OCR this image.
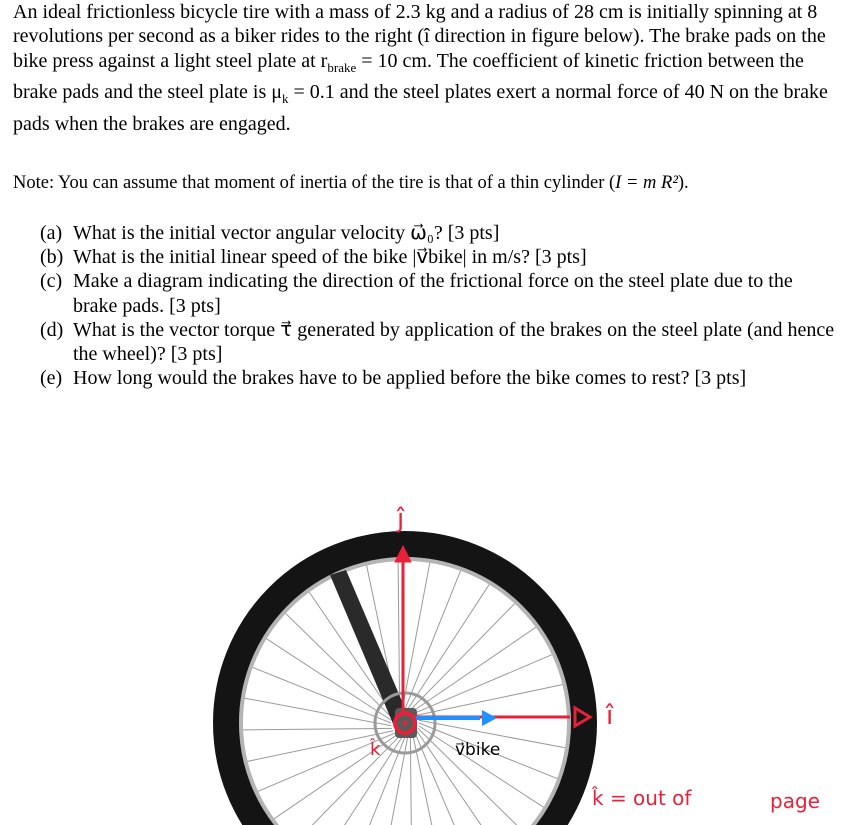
An ideal frictionless bicycle tire with a mass of 2.3 kg and a radius of 28 cm is initially spinning at 8 revolutions per second as a biker rides to the right (î direction in figure below). The brake pads on the bike press against a light steel plate at $r_{brake} = 10$ cm. The coefficient of kinetic friction between the brake pads and the steel plate is $\mu_k = 0.1$ and the steel plates exert a normal force of 40 N on the brake pads when the brakes are engaged.

Note: You can assume that moment of inertia of the tire is that of a thin cylinder (I = m R²).

(a) What is the initial vector angular velocity ω⃗₀? [3 pts]
(b) What is the initial linear speed of the bike |v⃗bike| in m/s? [3 pts]
(c) Make a diagram indicating the direction of the frictional force on the steel plate due to the brake pads. [3 pts]
(d) What is the vector torque τ⃗ generated by application of the brakes on the steel plate (and hence the wheel)? [3 pts]
(e) How long would the brakes have to be applied before the bike comes to rest? [3 pts]
ĵ
î
v⃗bike
k̂
k̂ = out of	page
